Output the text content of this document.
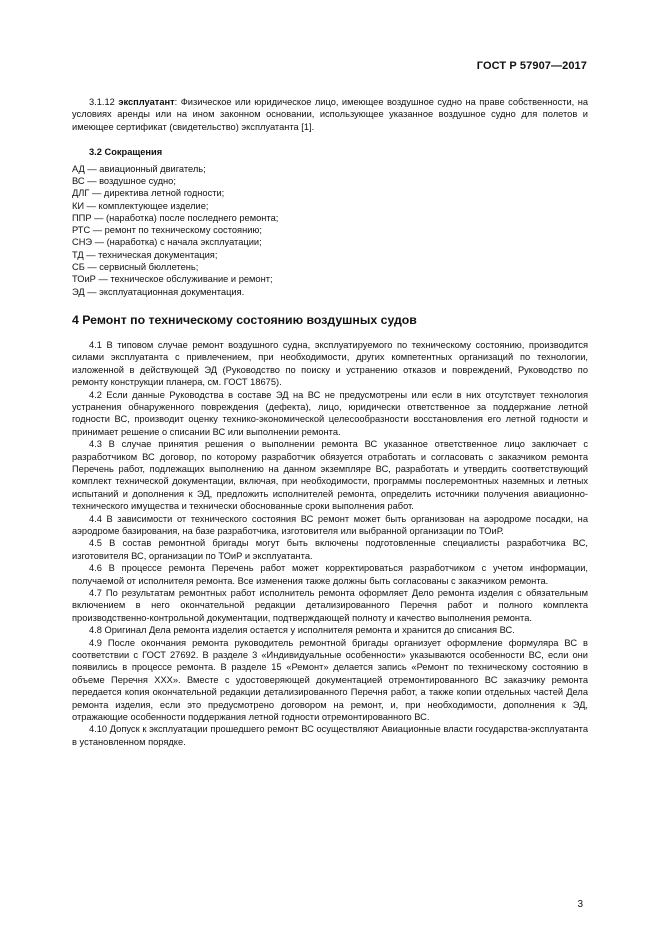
ГОСТ Р 57907—2017

3.1.12 эксплуатант: Физическое или юридическое лицо, имеющее воздушное судно на праве собственности, на условиях аренды или на ином законном основании, использующее указанное воздушное судно для полетов и имеющее сертификат (свидетельство) эксплуатанта [1].

3.2 Сокращения
АД — авиационный двигатель;
ВС — воздушное судно;
ДЛГ — директива летной годности;
КИ — комплектующее изделие;
ППР — (наработка) после последнего ремонта;
РТС — ремонт по техническому состоянию;
СНЭ — (наработка) с начала эксплуатации;
ТД — техническая документация;
СБ — сервисный бюллетень;
ТОиР — техническое обслуживание и ремонт;
ЭД — эксплуатационная документация.
4 Ремонт по техническому состоянию воздушных судов

4.1 В типовом случае ремонт воздушного судна, эксплуатируемого по техническому состоянию, производится силами эксплуатанта с привлечением, при необходимости, других компетентных организаций по технологии, изложенной в действующей ЭД (Руководство по поиску и устранению отказов и повреждений, Руководство по ремонту конструкции планера, см. ГОСТ 18675).

4.2 Если данные Руководства в составе ЭД на ВС не предусмотрены или если в них отсутствует технология устранения обнаруженного повреждения (дефекта), лицо, юридически ответственное за поддержание летной годности ВС, производит оценку технико-экономической целесообразности восстановления его летной годности и принимает решение о списании ВС или выполнении ремонта.

4.3 В случае принятия решения о выполнении ремонта ВС указанное ответственное лицо заключает с разработчиком ВС договор, по которому разработчик обязуется отработать и согласовать с заказчиком ремонта Перечень работ, подлежащих выполнению на данном экземпляре ВС, разработать и утвердить соответствующий комплект технической документации, включая, при необходимости, программы послеремонтных наземных и летных испытаний и дополнения к ЭД, предложить исполнителей ремонта, определить источники получения авиационно-технического имущества и технически обоснованные сроки выполнения работ.

4.4 В зависимости от технического состояния ВС ремонт может быть организован на аэродроме посадки, на аэродроме базирования, на базе разработчика, изготовителя или выбранной организации по ТОиР.

4.5 В состав ремонтной бригады могут быть включены подготовленные специалисты разработчика ВС, изготовителя ВС, организации по ТОиР и эксплуатанта.

4.6 В процессе ремонта Перечень работ может корректироваться разработчиком с учетом информации, получаемой от исполнителя ремонта. Все изменения также должны быть согласованы с заказчиком ремонта.

4.7 По результатам ремонтных работ исполнитель ремонта оформляет Дело ремонта изделия с обязательным включением в него окончательной редакции детализированного Перечня работ и полного комплекта производственно-контрольной документации, подтверждающей полноту и качество выполнения ремонта.

4.8 Оригинал Дела ремонта изделия остается у исполнителя ремонта и хранится до списания ВС.

4.9 После окончания ремонта руководитель ремонтной бригады организует оформление формуляра ВС в соответствии с ГОСТ 27692. В разделе 3 «Индивидуальные особенности» указываются особенности ВС, если они появились в процессе ремонта. В разделе 15 «Ремонт» делается запись «Ремонт по техническому состоянию в объеме Перечня ХХХ». Вместе с удостоверяющей документацией отремонтированного ВС заказчику ремонта передается копия окончательной редакции детализированного Перечня работ, а также копии отдельных частей Дела ремонта изделия, если это предусмотрено договором на ремонт, и, при необходимости, дополнения к ЭД, отражающие особенности поддержания летной годности отремонтированного ВС.

4.10 Допуск к эксплуатации прошедшего ремонт ВС осуществляют Авиационные власти государства-эксплуатанта в установленном порядке.

3
